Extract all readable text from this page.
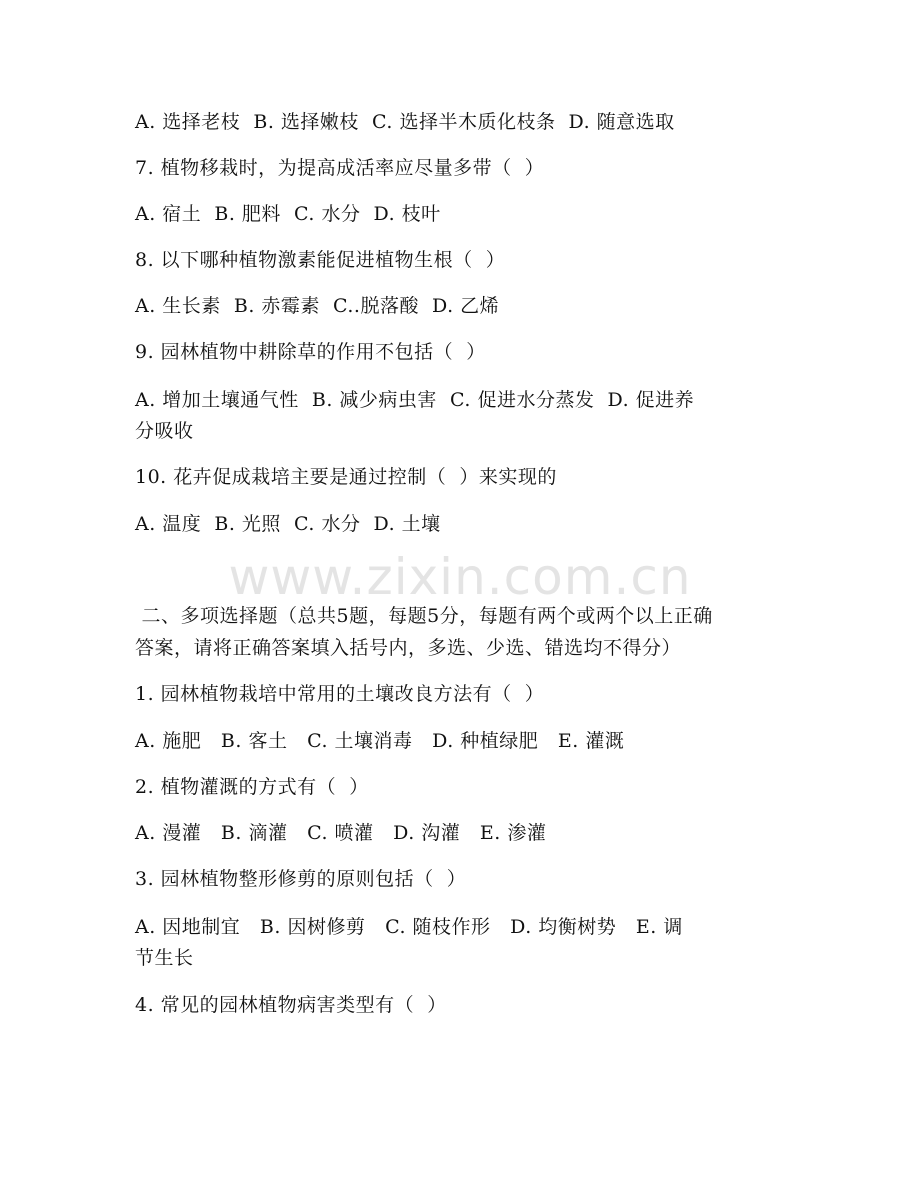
www.zixin.com.cn
A. 选择老枝  B. 选择嫩枝  C. 选择半木质化枝条  D. 随意选取
7. 植物移栽时，为提高成活率应尽量多带（  ）
A. 宿土  B. 肥料  C. 水分  D. 枝叶
8. 以下哪种植物激素能促进植物生根（  ）
A. 生长素  B. 赤霉素  C..脱落酸  D. 乙烯
9. 园林植物中耕除草的作用不包括（  ）
A. 增加土壤通气性  B. 减少病虫害  C. 促进水分蒸发  D. 促进养
分吸收
10. 花卉促成栽培主要是通过控制（  ）来实现的
A. 温度  B. 光照  C. 水分  D. 土壤
二、多项选择题（总共5题，每题5分，每题有两个或两个以上正确
答案，请将正确答案填入括号内，多选、少选、错选均不得分）
1. 园林植物栽培中常用的土壤改良方法有（  ）
A. 施肥   B. 客土   C. 土壤消毒   D. 种植绿肥   E. 灌溉
2. 植物灌溉的方式有（  ）
A. 漫灌   B. 滴灌   C. 喷灌   D. 沟灌   E. 渗灌
3. 园林植物整形修剪的原则包括（  ）
A. 因地制宜   B. 因树修剪   C. 随枝作形   D. 均衡树势   E. 调
节生长
4. 常见的园林植物病害类型有（  ）
